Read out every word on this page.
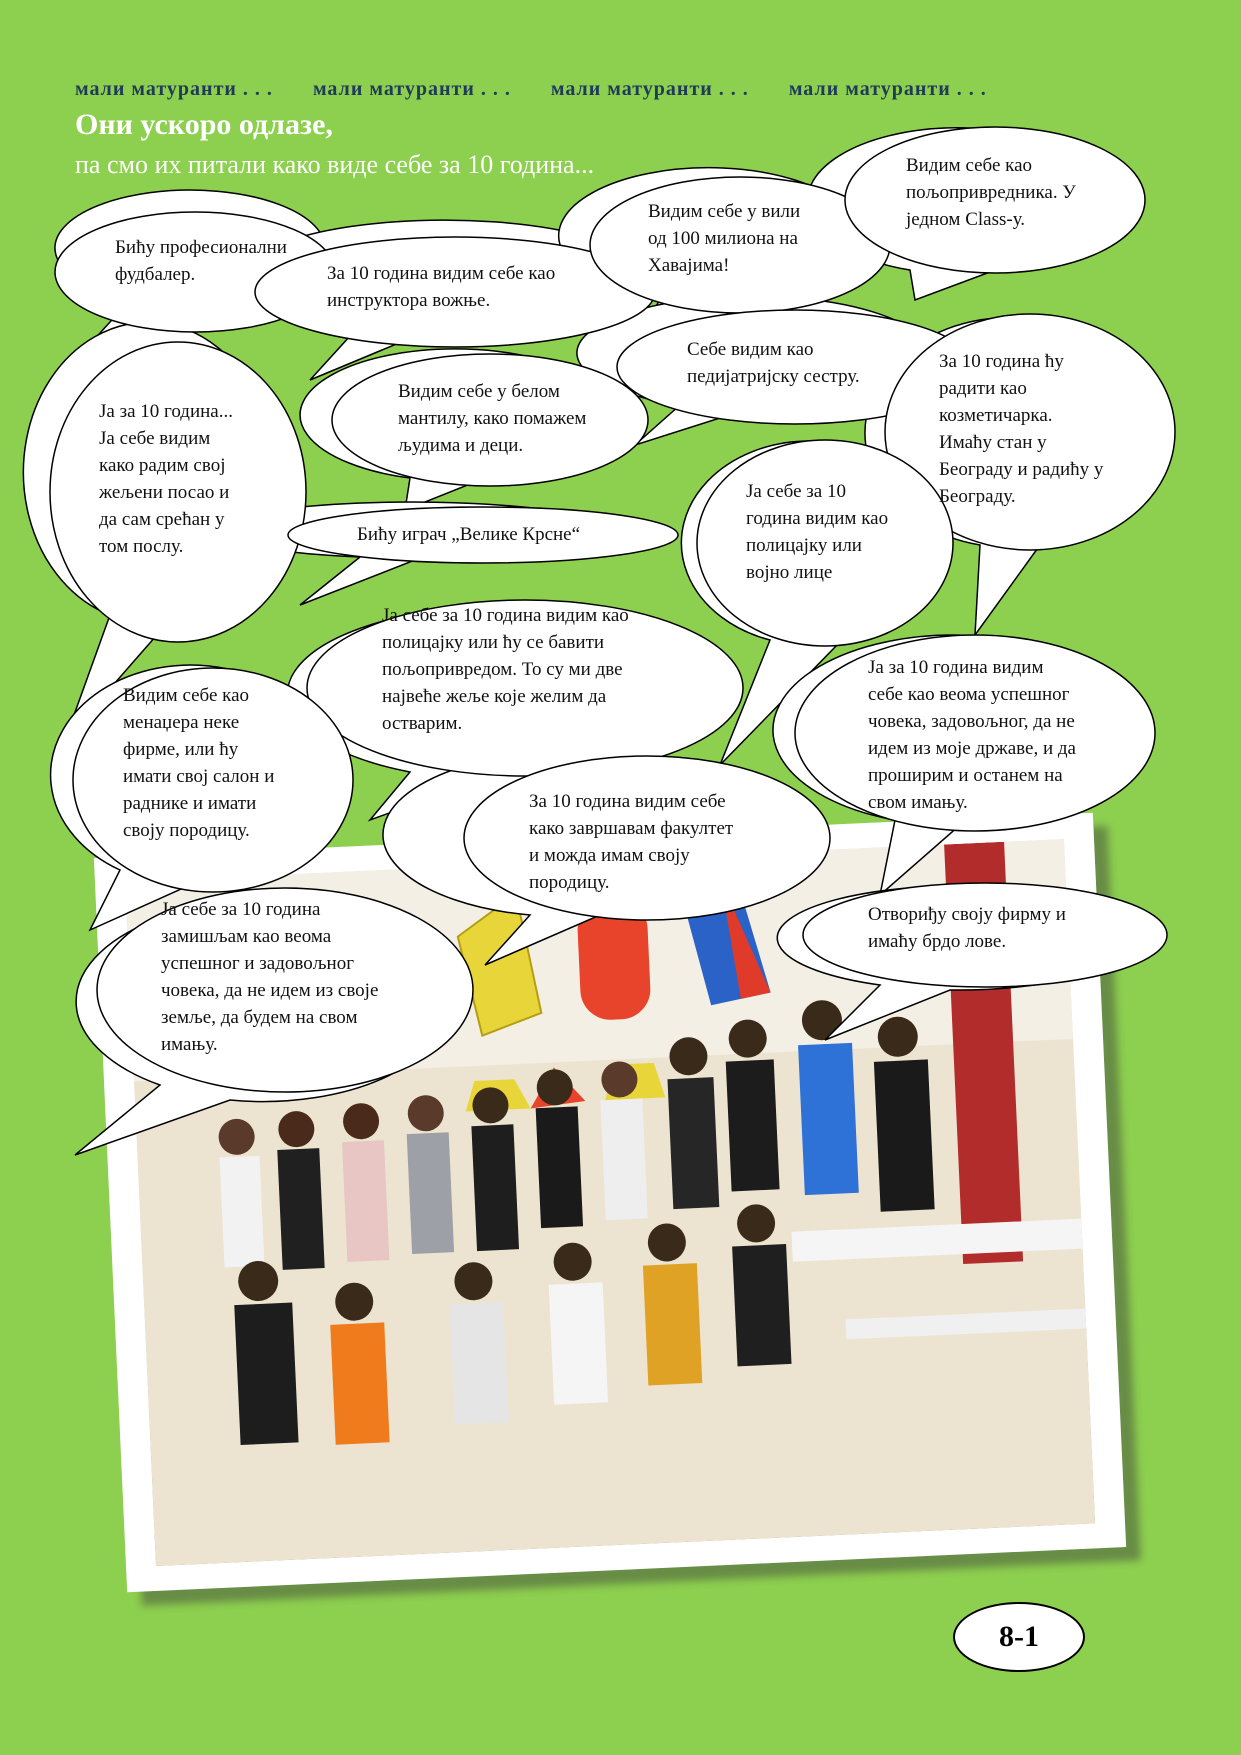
мали матуранти . . . мали матуранти . . . мали матуранти . . . мали матуранти . . .
Они ускоро одлазе,
па смо их питали како виде себе за 10 година...
Бићу професионални
фудбалер.	За 10 година видим себе као
инструктора вожње.
Видим себе у вили
од 100 милиона на
Хавајима!
Видим себе као
пољопривредника. У
једном Class-у.
Видим себе у белом
мантилу, како помажем
људима и деци.
Себе видим као
педијатријску сестру.
За 10 година ћу
радити као
козметичарка.
Имаћу стан у
Београду и радићу у
Београду.
Ја за 10 година...
Ја себе видим
како радим свој
жељени посао и
да сам срећан у
том послу.
Бићу играч „Велике Крсне“
Ја себе за 10
година видим као
полицајку или
војно лице
Ја себе за 10 година видим као
полицајку или ћу се бавити
пољопривредом. То су ми две
највеће жеље које желим да
остварим.
Видим себе као
менаџера неке
фирме, или ћу
имати свој салон и
раднике и имати
своју породицу.
Ја за 10 година видим
себе као веома успешног
човека, задовољног, да не
идем из моје државе, и да
проширим и останем на
свом имању.
За 10 година видим себе
како завршавам факултет
и можда имам своју
породицу.
Ја себе за 10 година
замишљам као веома
успешног и задовољног
човека, да не идем из своје
земље, да будем на свом
имању.
Отвориђу своју фирму и
имаћу брдо лове.
8-1
